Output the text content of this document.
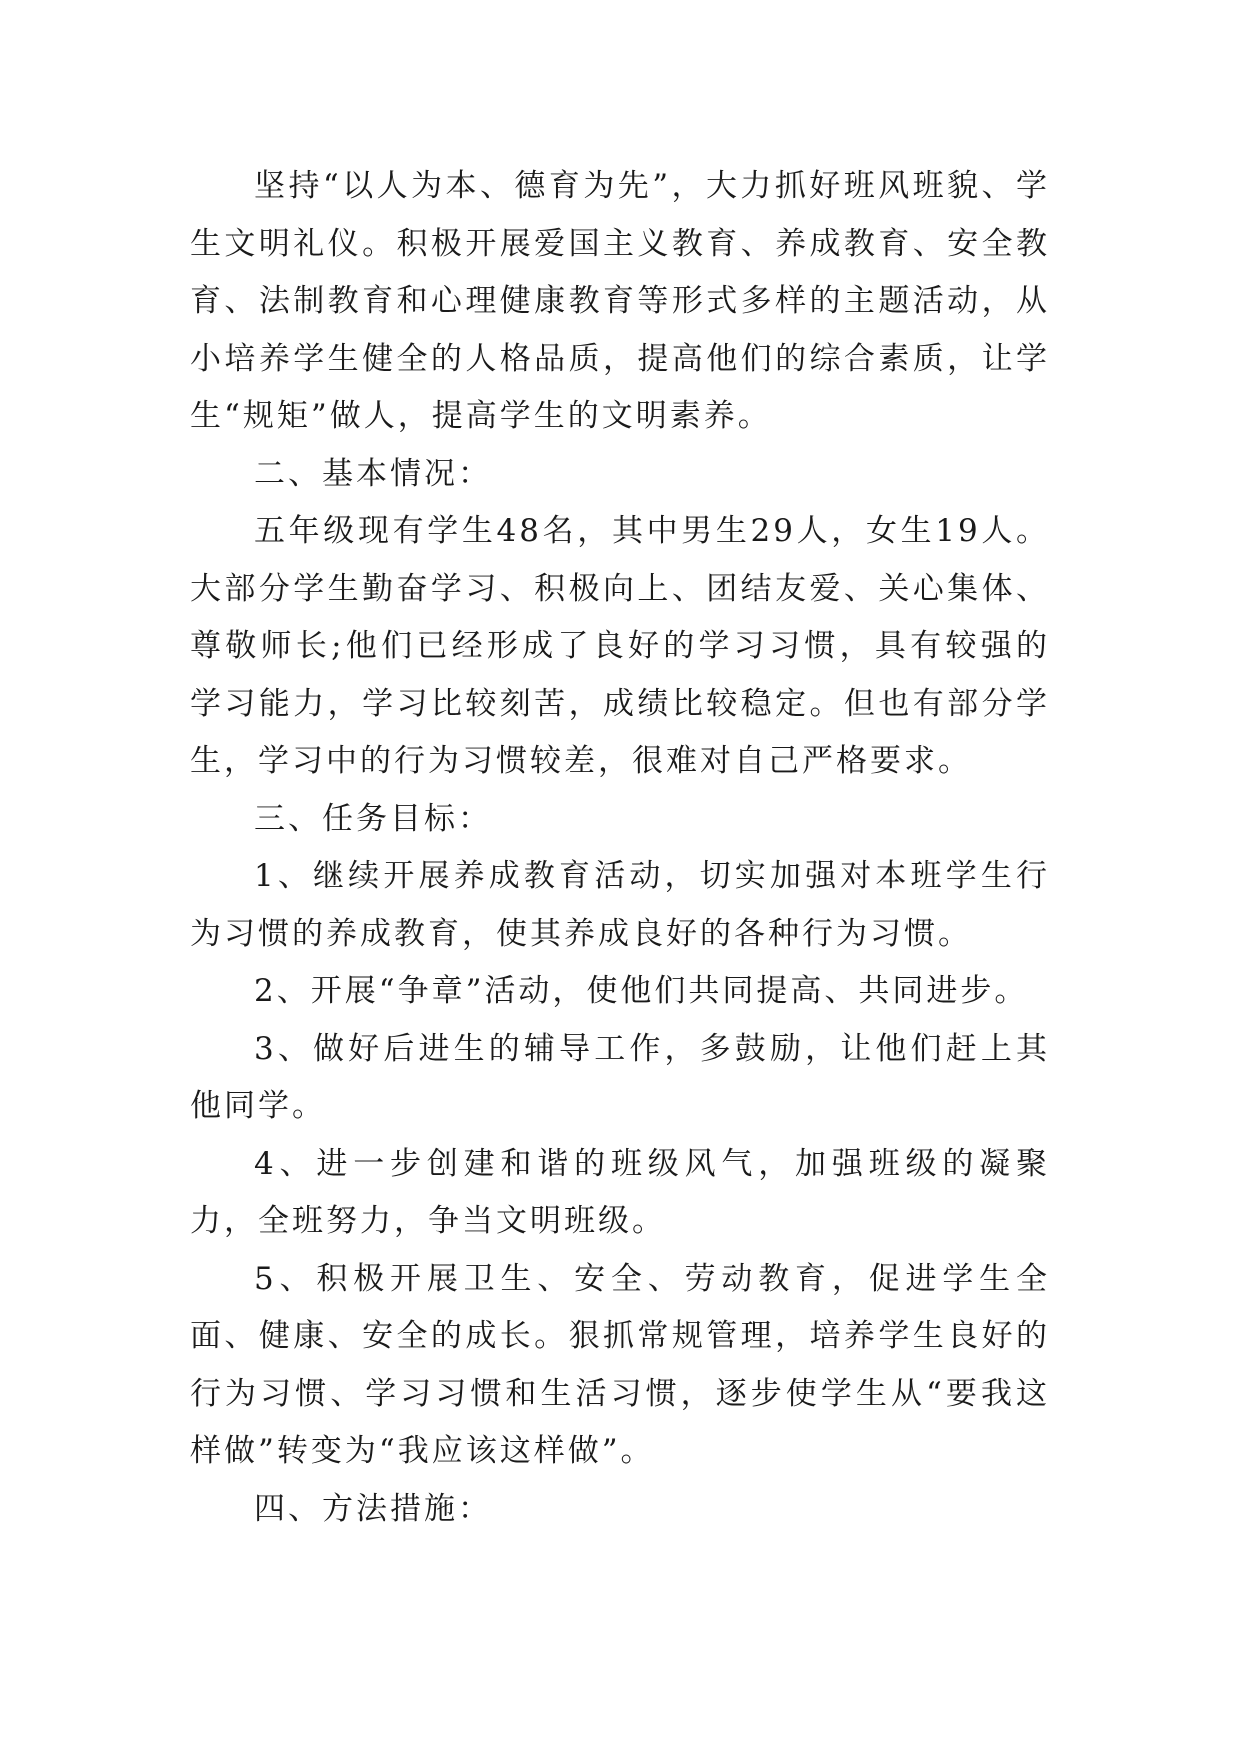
坚持“以人为本、德育为先”，大力抓好班风班貌、学生文明礼仪。积极开展爱国主义教育、养成教育、安全教育、法制教育和心理健康教育等形式多样的主题活动，从小培养学生健全的人格品质，提高他们的综合素质，让学生“规矩”做人，提高学生的文明素养。

二、基本情况：

五年级现有学生48名，其中男生29人，女生19人。大部分学生勤奋学习、积极向上、团结友爱、关心集体、尊敬师长;他们已经形成了良好的学习习惯，具有较强的学习能力，学习比较刻苦，成绩比较稳定。但也有部分学生，学习中的行为习惯较差，很难对自己严格要求。

三、任务目标：

1、继续开展养成教育活动，切实加强对本班学生行为习惯的养成教育，使其养成良好的各种行为习惯。

2、开展“争章”活动，使他们共同提高、共同进步。

3、做好后进生的辅导工作，多鼓励，让他们赶上其他同学。

4、进一步创建和谐的班级风气，加强班级的凝聚力，全班努力，争当文明班级。

5、积极开展卫生、安全、劳动教育，促进学生全面、健康、安全的成长。狠抓常规管理，培养学生良好的行为习惯、学习习惯和生活习惯，逐步使学生从“要我这样做”转变为“我应该这样做”。

四、方法措施：
